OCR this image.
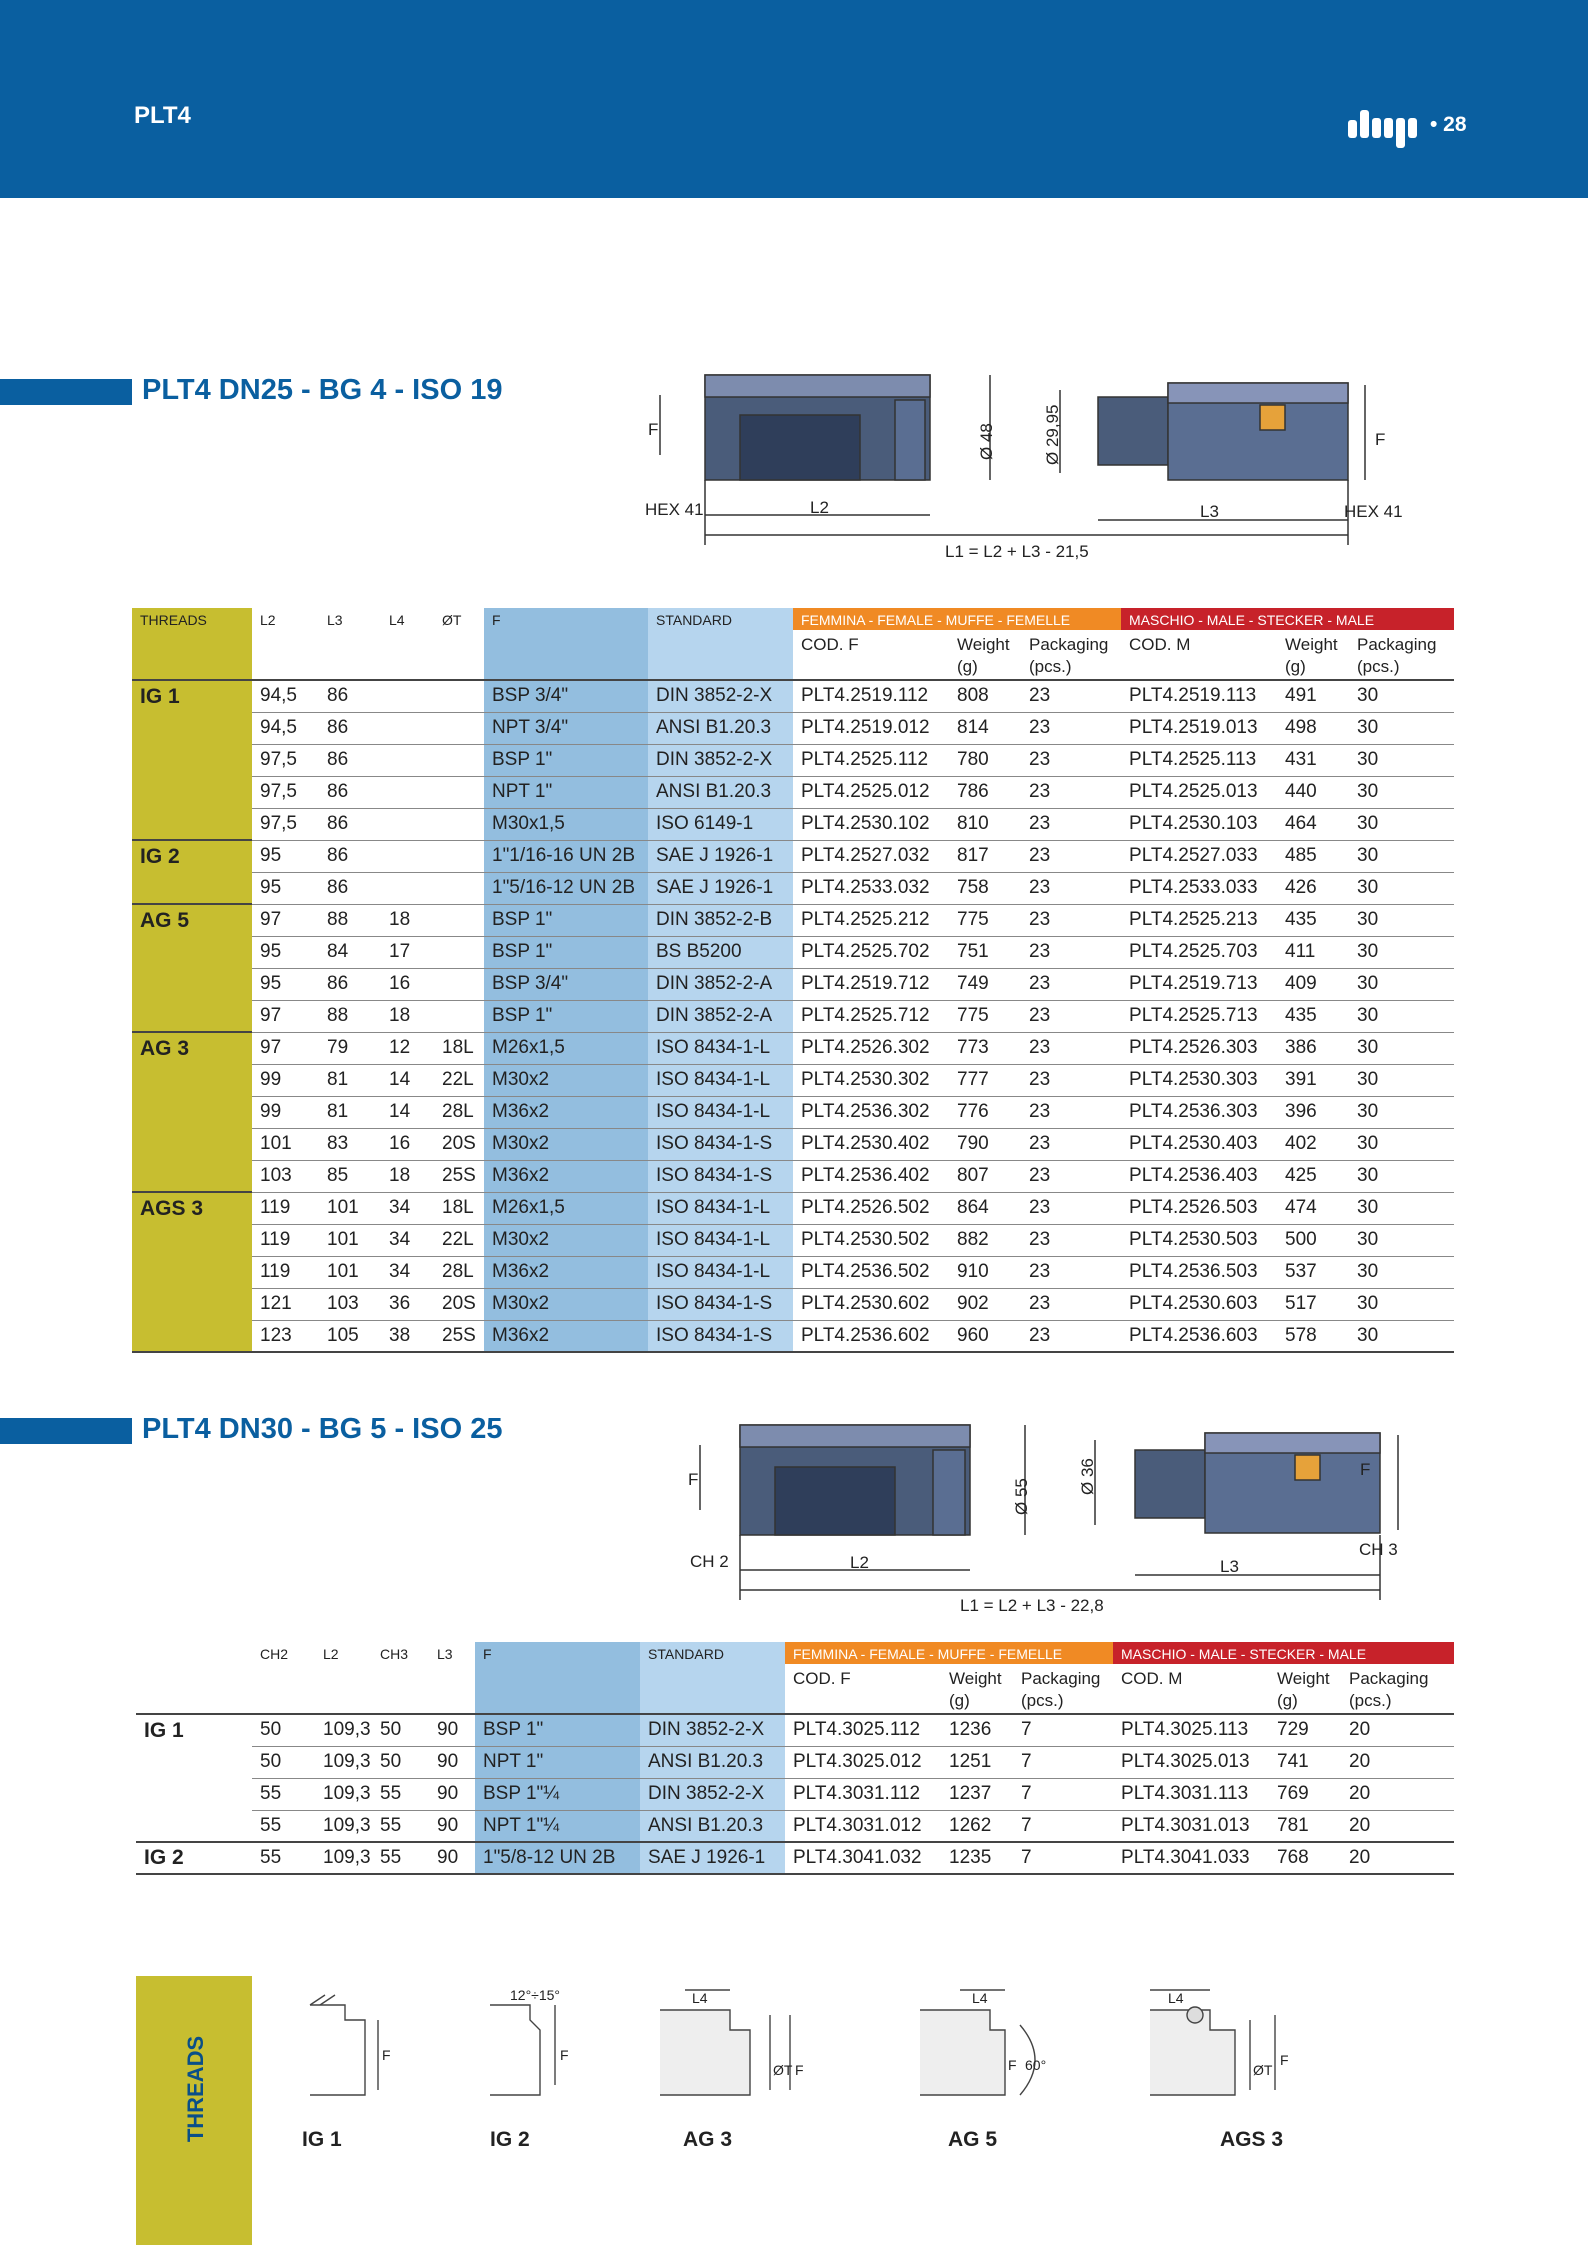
PLT4	• 28
PLT4 DN25 - BG 4 - ISO 19
HEX 41	L2	L3	HEX 41
L1 = L2 + L3 - 21,5
F
F
Ø 48	Ø 29,95
THREADS	L2	L3	L4	ØT	F	STANDARD	FEMMINA - FEMALE - MUFFE - FEMELLE			MASCHIO - MALE - STECKER - MALE		
							COD. F	Weight
(g)	Packaging
(pcs.)	COD. M	Weight
(g)	Packaging
(pcs.)
IG 1	94,5	86			BSP 3/4"	DIN 3852-2-X	PLT4.2519.112	808	23	PLT4.2519.113	491	30
	94,5	86			NPT 3/4"	ANSI B1.20.3	PLT4.2519.012	814	23	PLT4.2519.013	498	30
	97,5	86			BSP 1"	DIN 3852-2-X	PLT4.2525.112	780	23	PLT4.2525.113	431	30
	97,5	86			NPT 1"	ANSI B1.20.3	PLT4.2525.012	786	23	PLT4.2525.013	440	30
	97,5	86			M30x1,5	ISO 6149-1	PLT4.2530.102	810	23	PLT4.2530.103	464	30
IG 2	95	86			1"1/16-16 UN 2B	SAE J 1926-1	PLT4.2527.032	817	23	PLT4.2527.033	485	30
	95	86			1"5/16-12 UN 2B	SAE J 1926-1	PLT4.2533.032	758	23	PLT4.2533.033	426	30
AG 5	97	88	18		BSP 1"	DIN 3852-2-B	PLT4.2525.212	775	23	PLT4.2525.213	435	30
	95	84	17		BSP 1"	BS B5200	PLT4.2525.702	751	23	PLT4.2525.703	411	30
	95	86	16		BSP 3/4"	DIN 3852-2-A	PLT4.2519.712	749	23	PLT4.2519.713	409	30
	97	88	18		BSP 1"	DIN 3852-2-A	PLT4.2525.712	775	23	PLT4.2525.713	435	30
AG 3	97	79	12	18L	M26x1,5	ISO 8434-1-L	PLT4.2526.302	773	23	PLT4.2526.303	386	30
	99	81	14	22L	M30x2	ISO 8434-1-L	PLT4.2530.302	777	23	PLT4.2530.303	391	30
	99	81	14	28L	M36x2	ISO 8434-1-L	PLT4.2536.302	776	23	PLT4.2536.303	396	30
	101	83	16	20S	M30x2	ISO 8434-1-S	PLT4.2530.402	790	23	PLT4.2530.403	402	30
	103	85	18	25S	M36x2	ISO 8434-1-S	PLT4.2536.402	807	23	PLT4.2536.403	425	30
AGS 3	119	101	34	18L	M26x1,5	ISO 8434-1-L	PLT4.2526.502	864	23	PLT4.2526.503	474	30
	119	101	34	22L	M30x2	ISO 8434-1-L	PLT4.2530.502	882	23	PLT4.2530.503	500	30
	119	101	34	28L	M36x2	ISO 8434-1-L	PLT4.2536.502	910	23	PLT4.2536.503	537	30
	121	103	36	20S	M30x2	ISO 8434-1-S	PLT4.2530.602	902	23	PLT4.2530.603	517	30
	123	105	38	25S	M36x2	ISO 8434-1-S	PLT4.2536.602	960	23	PLT4.2536.603	578	30
PLT4 DN30 - BG 5 - ISO 25
CH 2	L2	L3
CH 3
L1 = L2 + L3 - 22,8
F
F
Ø 55
Ø 36
	CH2	L2	CH3	L3	F	STANDARD	FEMMINA - FEMALE - MUFFE - FEMELLE			MASCHIO - MALE - STECKER - MALE		
							COD. F	Weight
(g)	Packaging
(pcs.)	COD. M	Weight
(g)	Packaging
(pcs.)
IG 1	50	109,3	50	90	BSP 1"	DIN 3852-2-X	PLT4.3025.112	1236	7	PLT4.3025.113	729	20
	50	109,3	50	90	NPT 1"	ANSI B1.20.3	PLT4.3025.012	1251	7	PLT4.3025.013	741	20
	55	109,3	55	90	BSP 1"¼	DIN 3852-2-X	PLT4.3031.112	1237	7	PLT4.3031.113	769	20
	55	109,3	55	90	NPT 1"¼	ANSI B1.20.3	PLT4.3031.012	1262	7	PLT4.3031.013	781	20
IG 2	55	109,3	55	90	1"5/8-12 UN 2B	SAE J 1926-1	PLT4.3041.032	1235	7	PLT4.3041.033	768	20
THREADS	F
12°÷15°
F
L4
ØT F
L4
F 60°
L4
ØT
F
IG 1	IG 2	AG 3	AG 5	AGS 3
